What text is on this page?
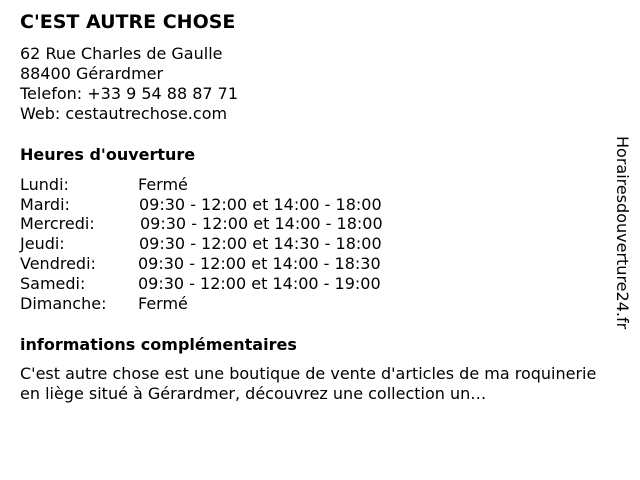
C'EST AUTRE CHOSE
62 Rue Charles de Gaulle
88400 Gérardmer
Telefon: +33 9 54 88 87 71
Web: cestautrechose.com
Heures d'ouverture
Lundi:	Fermé
Mardi:	09:30 - 12:00 et 14:00 - 18:00
Mercredi:	09:30 - 12:00 et 14:00 - 18:00
Jeudi:	09:30 - 12:00 et 14:30 - 18:00
Vendredi:	09:30 - 12:00 et 14:00 - 18:30
Samedi:	09:30 - 12:00 et 14:00 - 19:00
Dimanche: Fermé
informations complémentaires
C'est autre chose est une boutique de vente d'articles de ma roquinerie en liège situé à Gérardmer, découvrez une collection un…
Horairesdouverture24.fr
